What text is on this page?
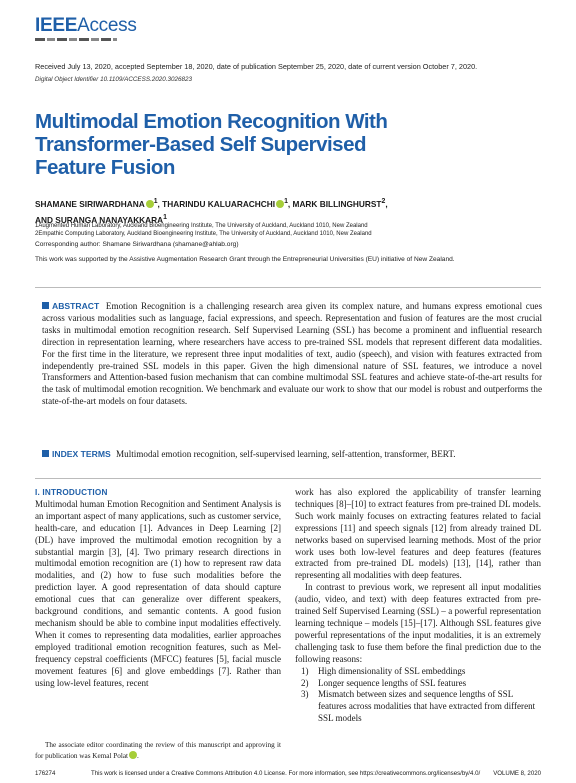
IEEEAccess
Received July 13, 2020, accepted September 18, 2020, date of publication September 25, 2020, date of current version October 7, 2020.
Digital Object Identifier 10.1109/ACCESS.2020.3026823
Multimodal Emotion Recognition With
Transformer-Based Self Supervised
Feature Fusion
SHAMANE SIRIWARDHANA $^1$, THARINDU KALUARACHCHI $^1$, MARK BILLINGHURST$^2$,
AND SURANGA NANAYAKKARA$^1$
1Augmented Human Laboratory, Auckland Bioengineering Institute, The University of Auckland, Auckland 1010, New Zealand
2Empathic Computing Laboratory, Auckland Bioengineering Institute, The University of Auckland, Auckland 1010, New Zealand
Corresponding author: Shamane Siriwardhana (shamane@ahlab.org)
This work was supported by the Assistive Augmentation Research Grant through the Entrepreneurial Universities (EU) initiative of New Zealand.
ABSTRACT Emotion Recognition is a challenging research area given its complex nature, and humans express emotional cues across various modalities such as language, facial expressions, and speech. Representation and fusion of features are the most crucial tasks in multimodal emotion recognition research. Self Supervised Learning (SSL) has become a prominent and influential research direction in representation learning, where researchers have access to pre-trained SSL models that represent different data modalities. For the first time in the literature, we represent three input modalities of text, audio (speech), and vision with features extracted from independently pre-trained SSL models in this paper. Given the high dimensional nature of SSL features, we introduce a novel Transformers and Attention-based fusion mechanism that can combine multimodal SSL features and achieve state-of-the-art results for the task of multimodal emotion recognition. We benchmark and evaluate our work to show that our model is robust and outperforms the state-of-the-art models on four datasets.
INDEX TERMS Multimodal emotion recognition, self-supervised learning, self-attention, transformer, BERT.
I. INTRODUCTION

Multimodal human Emotion Recognition and Sentiment Analysis is an important aspect of many applications, such as customer service, health-care, and education [1]. Advances in Deep Learning [2] (DL) have improved the multimodal emotion recognition by a substantial margin [3], [4]. Two primary research directions in multimodal emotion recognition are (1) how to represent raw data modalities, and (2) how to fuse such modalities before the prediction layer. A good representation of data should capture emotional cues that can generalize over different speakers, background conditions, and semantic contents. A good fusion mechanism should be able to combine input modalities effectively. When it comes to representing data modalities, earlier approaches employed traditional emotion recognition features, such as Mel-frequency cepstral coefficients (MFCC) features [5], facial muscle movement features [6] and glove embeddings [7]. Rather than using low-level features, recent

work has also explored the applicability of transfer learning techniques [8]–[10] to extract features from pre-trained DL models. Such work mainly focuses on extracting features related to facial expressions [11] and speech signals [12] from already trained DL networks based on supervised learning methods. Most of the prior work uses both low-level features and deep features (features extracted from pre-trained DL models) [13], [14], rather than representing all modalities with deep features.

In contrast to previous work, we represent all input modalities (audio, video, and text) with deep features extracted from pre-trained Self Supervised Learning (SSL) – a powerful representation learning technique – models [15]–[17]. Although SSL features give powerful representations of the input modalities, it is an extremely challenging task to fuse them before the final prediction due to the following reasons:

1) High dimensionality of SSL embeddings
2) Longer sequence lengths of SSL features
3) Mismatch between sizes and sequence lengths of SSL features across modalities that have extracted from different SSL models

The associate editor coordinating the review of this manuscript and approving it for publication was Kemal Polat .

176274	This work is licensed under a Creative Commons Attribution 4.0 License. For more information, see https://creativecommons.org/licenses/by/4.0/ VOLUME 8, 2020
